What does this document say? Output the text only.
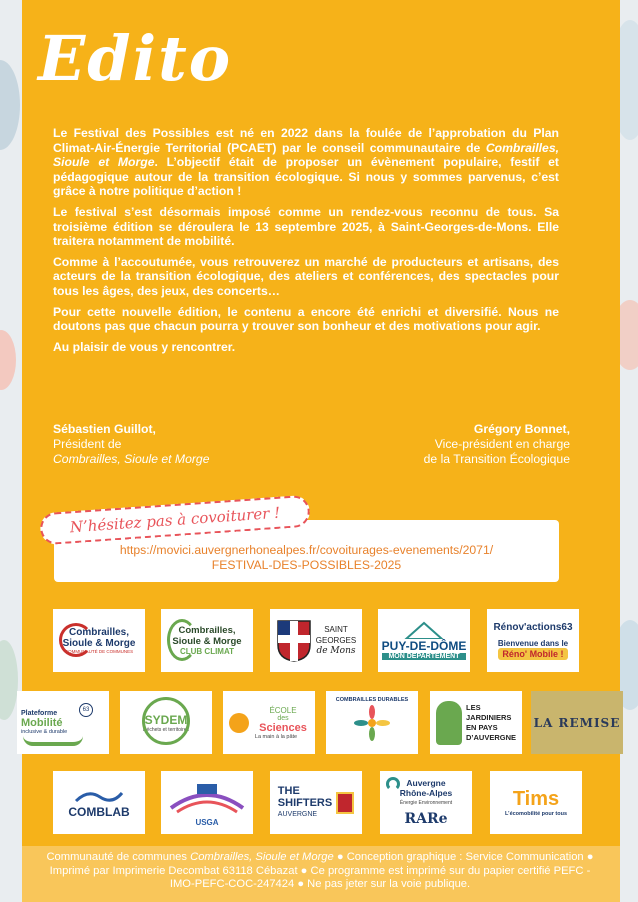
Edito

Le Festival des Possibles est né en 2022 dans la foulée de l’approbation du Plan Climat-Air-Énergie Territorial (PCAET) par le conseil communautaire de Combrailles, Sioule et Morge. L’objectif était de proposer un évènement populaire, festif et pédagogique autour de la transition écologique. Si nous y sommes parvenus, c’est grâce à notre politique d’action !

Le festival s’est désormais imposé comme un rendez-vous reconnu de tous. Sa troisième édition se déroulera le 13 septembre 2025, à Saint-Georges-de-Mons. Elle traitera notamment de mobilité.

Comme à l’accoutumée, vous retrouverez un marché de producteurs et artisans, des acteurs de la transition écologique, des ateliers et conférences, des spectacles pour tous les âges, des jeux, des concerts…

Pour cette nouvelle édition, le contenu a encore été enrichi et diversifié. Nous ne doutons pas que chacun pourra y trouver son bonheur et des motivations pour agir.

Au plaisir de vous y rencontrer.

Sébastien Guillot,
Président de
Combrailles, Sioule et Morge
Grégory Bonnet,
Vice-président en charge
de la Transition Écologique
N’hésitez pas à covoiturer !
https://movici.auvergnerhonealpes.fr/covoiturages-evenements/2071/
FESTIVAL-DES-POSSIBLES-2025
Combrailles,
Sioule & Morge
COMMUNAUTÉ DE COMMUNES
Combrailles,
Sioule & Morge
CLUB CLIMAT
SAINT
GEORGES
de Mons PUY-DE-DÔME
MON DÉPARTEMENT
Rénov'actions63
Bienvenue dans le
Réno' Mobile !
Plateforme
Mobilité
inclusive & durable
63
SYDEM
Déchets et territoires
ÉCOLE
des
Sciences
La main à la pâte
COMBRAILLES DURABLES
LES
JARDINIERS
EN PAYS
D’AUVERGNE
LA REMISE
COMBLAB
USGA
THE
SHIFTERS
AUVERGNE
Auvergne
Rhône-Alpes
Énergie Environnement
RARe
Tims
L’écomobilité pour tous
Communauté de communes Combrailles, Sioule et Morge ● Conception graphique : Service Communication ● Imprimé par Imprimerie Decombat 63118 Cébazat ● Ce programme est imprimé sur du papier certifié PEFC - IMO-PEFC-COC-247424 ● Ne pas jeter sur la voie publique.
